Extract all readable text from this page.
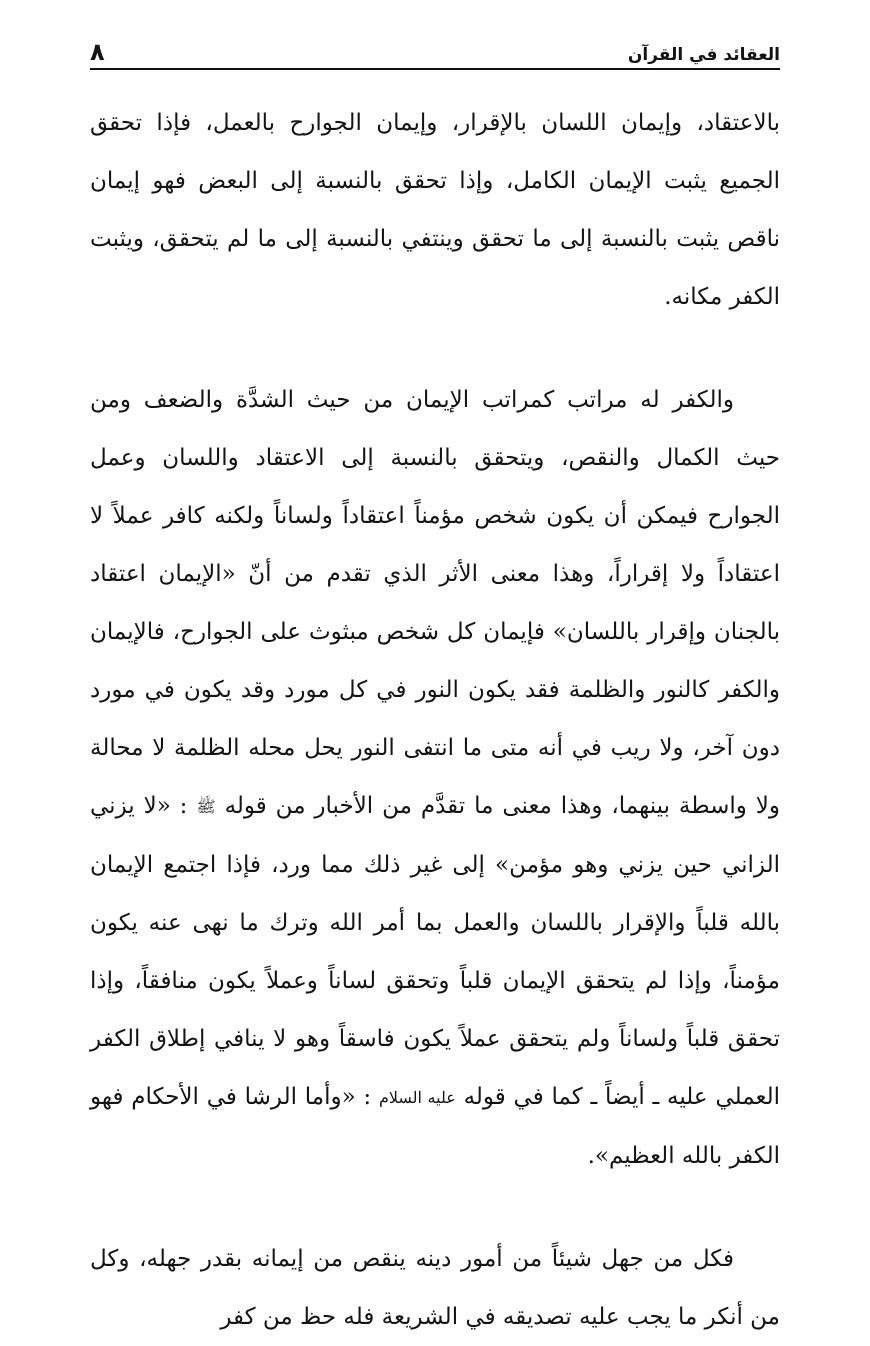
العقائد في القرآن
٨

بالاعتقاد، وإيمان اللسان بالإقرار، وإيمان الجوارح بالعمل، فإذا تحقق الجميع يثبت الإيمان الكامل، وإذا تحقق بالنسبة إلى البعض فهو إيمان ناقص يثبت بالنسبة إلى ما تحقق وينتفي بالنسبة إلى ما لم يتحقق، ويثبت الكفر مكانه.

والكفر له مراتب كمراتب الإيمان من حيث الشدَّة والضعف ومن حيث الكمال والنقص، ويتحقق بالنسبة إلى الاعتقاد واللسان وعمل الجوارح فيمكن أن يكون شخص مؤمناً اعتقاداً ولساناً ولكنه كافر عملاً لا اعتقاداً ولا إقراراً، وهذا معنى الأثر الذي تقدم من أنّ «الإيمان اعتقاد بالجنان وإقرار باللسان» فإيمان كل شخص مبثوث على الجوارح، فالإيمان والكفر كالنور والظلمة فقد يكون النور في كل مورد وقد يكون في مورد دون آخر، ولا ريب في أنه متى ما انتفى النور يحل محله الظلمة لا محالة ولا واسطة بينهما، وهذا معنى ما تقدَّم من الأخبار من قوله ﷺ : «لا يزني الزاني حين يزني وهو مؤمن» إلى غير ذلك مما ورد، فإذا اجتمع الإيمان بالله قلباً والإقرار باللسان والعمل بما أمر الله وترك ما نهى عنه يكون مؤمناً، وإذا لم يتحقق الإيمان قلباً وتحقق لساناً وعملاً يكون منافقاً، وإذا تحقق قلباً ولساناً ولم يتحقق عملاً يكون فاسقاً وهو لا ينافي إطلاق الكفر العملي عليه ـ أيضاً ـ كما في قوله عليه السلام : «وأما الرشا في الأحكام فهو الكفر بالله العظيم».

فكل من جهل شيئاً من أمور دينه ينقص من إيمانه بقدر جهله، وكل من أنكر ما يجب عليه تصديقه في الشريعة فله حظ من كفر
